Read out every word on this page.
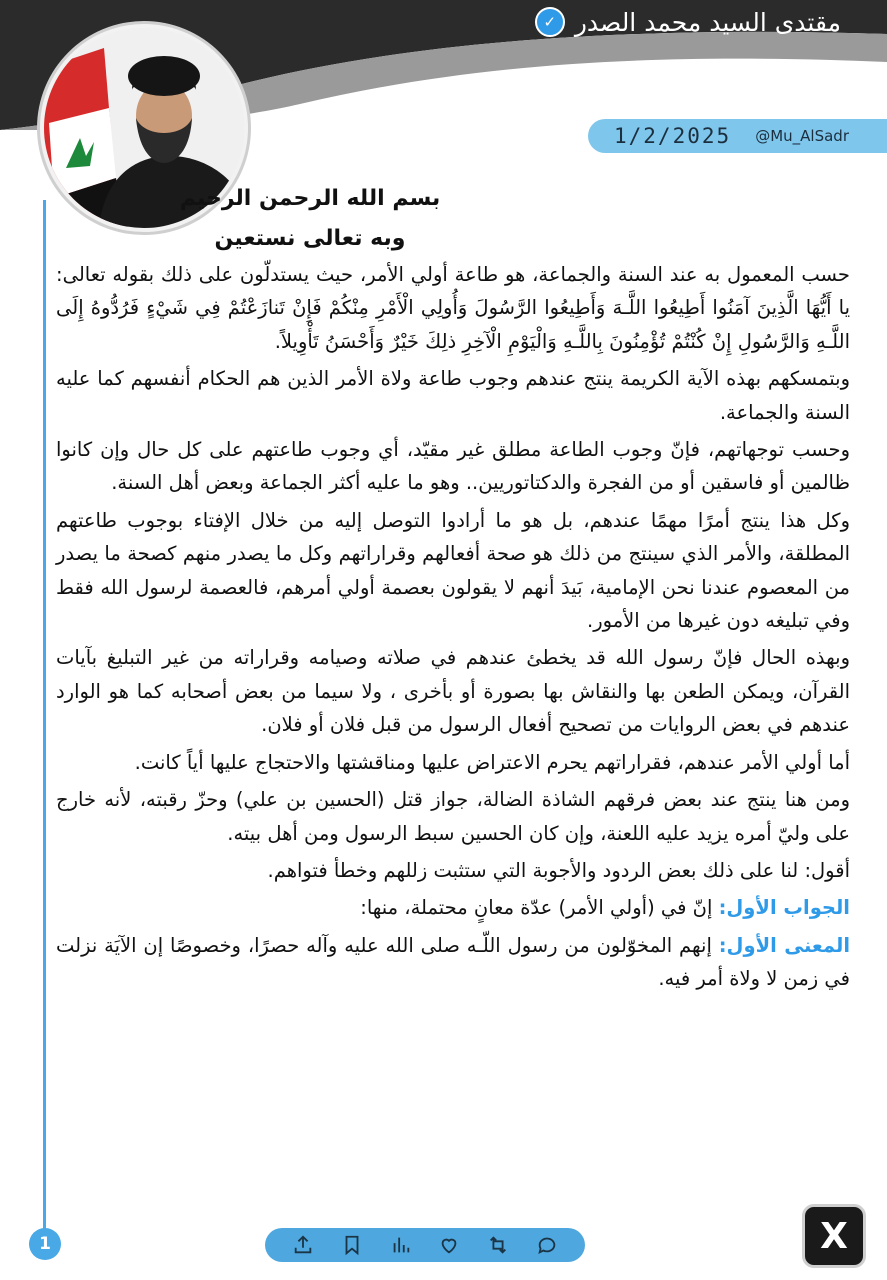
مقتدى السيد محمد الصدر
✓
1/2/2025 @Mu_AlSadr
بسم الله الرحمن الرحيم
وبه تعالى نستعين

حسب المعمول به عند السنة والجماعة، هو طاعة أولي الأمر، حيث يستدلّون على ذلك بقوله تعالى: يا أَيُّهَا الَّذِينَ آمَنُوا أَطِيعُوا اللَّـهَ وَأَطِيعُوا الرَّسُولَ وَأُولِي الْأَمْرِ مِنْكُمْ فَإِنْ تَنازَعْتُمْ فِي شَيْءٍ فَرُدُّوهُ إِلَى اللَّـهِ وَالرَّسُولِ إِنْ كُنْتُمْ تُؤْمِنُونَ بِاللَّـهِ وَالْيَوْمِ الْآخِرِ ذلِكَ خَيْرٌ وَأَحْسَنُ تَأْوِيلاً.

وبتمسكهم بهذه الآية الكريمة ينتج عندهم وجوب طاعة ولاة الأمر الذين هم الحكام أنفسهم كما عليه السنة والجماعة.

وحسب توجهاتهم، فإنّ وجوب الطاعة مطلق غير مقيّد، أي وجوب طاعتهم على كل حال وإن كانوا ظالمين أو فاسقين أو من الفجرة والدكتاتوريين.. وهو ما عليه أكثر الجماعة وبعض أهل السنة.

وكل هذا ينتج أمرًا مهمًا عندهم، بل هو ما أرادوا التوصل إليه من خلال الإفتاء بوجوب طاعتهم المطلقة، والأمر الذي سينتج من ذلك هو صحة أفعالهم وقراراتهم وكل ما يصدر منهم كصحة ما يصدر من المعصوم عندنا نحن الإمامية، بَيدَ أنهم لا يقولون بعصمة أولي أمرهم، فالعصمة لرسول الله فقط وفي تبليغه دون غيرها من الأمور.

وبهذه الحال فإنّ رسول الله قد يخطئ عندهم في صلاته وصيامه وقراراته من غير التبليغ بآيات القرآن، ويمكن الطعن بها والنقاش بها بصورة أو بأخرى ، ولا سيما من بعض أصحابه كما هو الوارد عندهم في بعض الروايات من تصحيح أفعال الرسول من قبل فلان أو فلان.

أما أولي الأمر عندهم، فقراراتهم يحرم الاعتراض عليها ومناقشتها والاحتجاج عليها أياً كانت.

ومن هنا ينتج عند بعض فرقهم الشاذة الضالة، جواز قتل (الحسين بن علي) وحزّ رقبته، لأنه خارج على وليّ أمره يزيد عليه اللعنة، وإن كان الحسين سبط الرسول ومن أهل بيته.

أقول: لنا على ذلك بعض الردود والأجوبة التي ستثبت زللهم وخطأ فتواهم.

الجواب الأول: إنّ في (أولي الأمر) عدّة معانٍ محتملة، منها:

المعنى الأول: إنهم المخوّلون من رسول اللّـه صلى الله عليه وآله حصرًا، وخصوصًا إن الآيَة نزلت في زمن لا ولاة أمر فيه.

1	X
